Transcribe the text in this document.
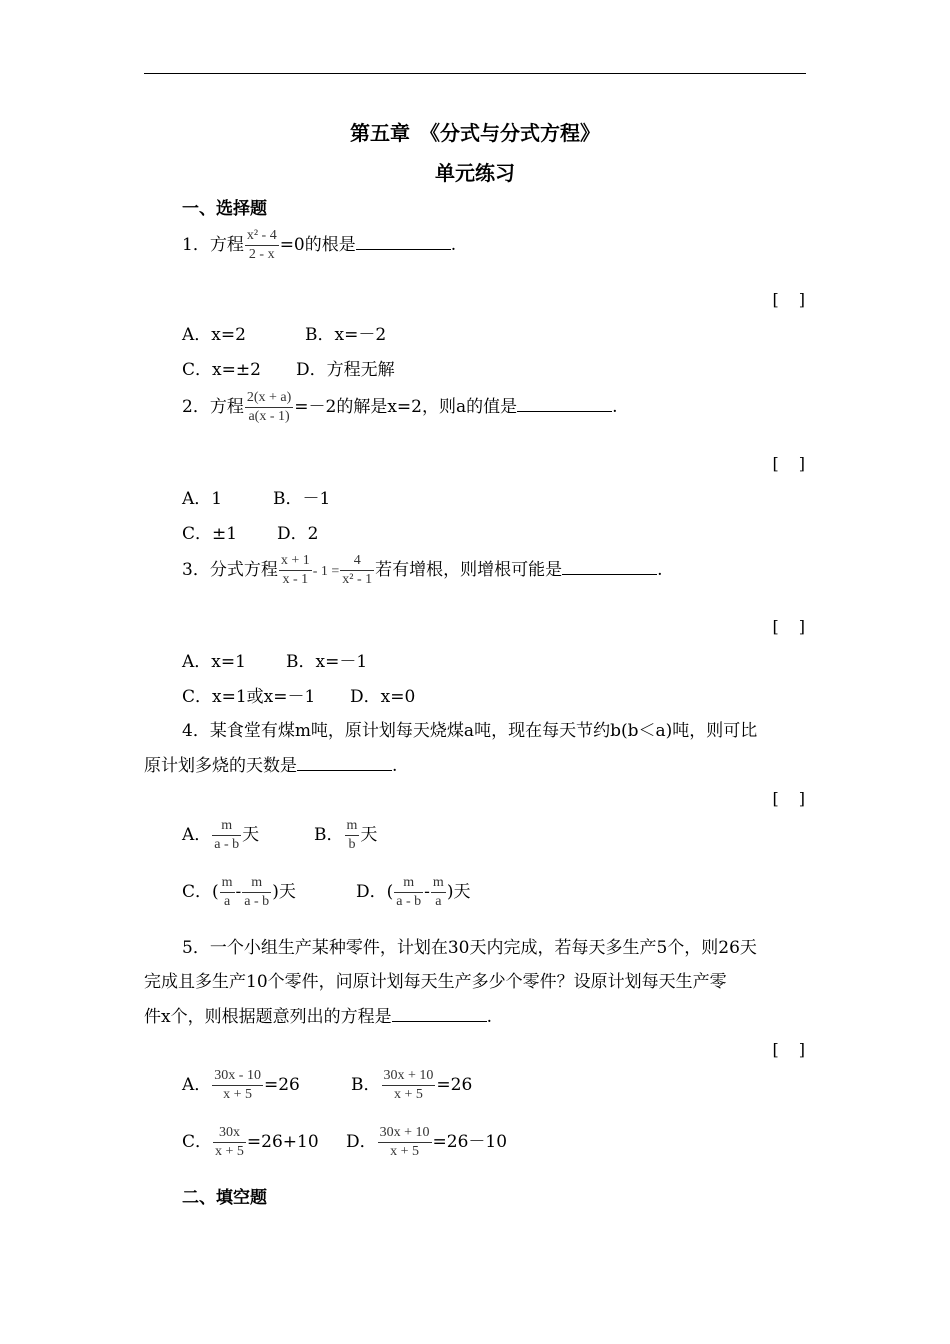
第五章　《分式与分式方程》
单元练习
一、选择题
1．方程 $\frac{\text{x² - 4}}{2 - x} =0$的根是	.
[　]
A．x=2	B．x=－2
C．x=±2 D．方程无解
2．方程 $\frac{2(x + a)}{a(x - 1)} =-2$的解是x=2，则a的值是	.
[　]
A．1	B．－1
C．±1 D．2
3．分式方程 $\frac{x + 1}{x - 1} - 1 = \frac{4}{\text{x² - 1}}$ 若有增根，则增根可能是	.
[　]
A．x=1 B．x=－1
C．x=1或x=－1 D．x=0
4．某食堂有煤m吨，原计划每天烧煤a吨，现在每天节约b(b＜a)吨，则可比
原计划多烧的天数是	.
[　]
A． $\frac{m}{a - b}$ 天	B． $\frac{m}{b}$ 天
C．( $\frac{m}{a} - \frac{m}{a - b}$ )天	D．( $\frac{m}{a - b} - \frac{m}{a}$ )天
5．一个小组生产某种零件，计划在30天内完成，若每天多生产5个，则26天
完成且多生产10个零件，问原计划每天生产多少个零件？设原计划每天生产零
件x个，则根据题意列出的方程是	.
[　]
A． $\frac{30x - 10}{x + 5} =26$	B． $\frac{30x + 10}{x + 5} =26$
C． $\frac{30x}{x + 5} =26+10$ D． $\frac{30x + 10}{x + 5} =26-10$
二、填空题
